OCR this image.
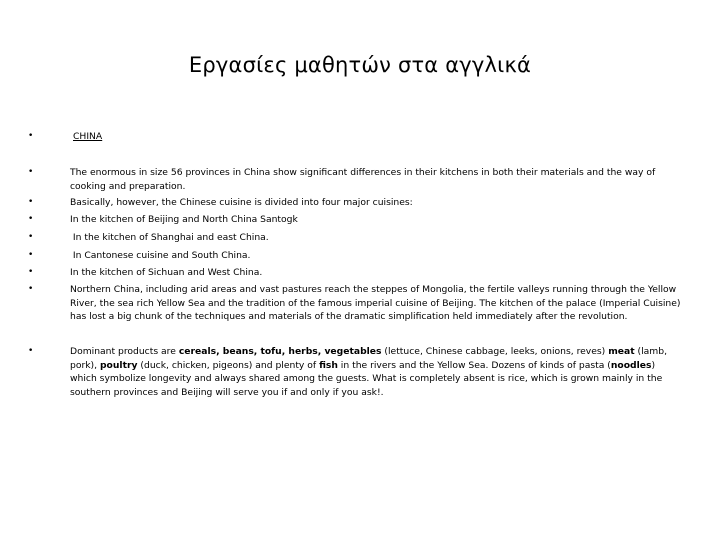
Εργασίες μαθητών στα αγγλικά
•	CHINA
•	The enormous in size 56 provinces in China show significant differences in their kitchens in both their materials and the way of cooking and preparation.
•	Basically, however, the Chinese cuisine is divided into four major cuisines:
•	In the kitchen of Beijing and North China Santogk
•	In the kitchen of Shanghai and east China.
•	In Cantonese cuisine and South China.
•	In the kitchen of Sichuan and West China.
•	Northern China, including arid areas and vast pastures reach the steppes of Mongolia, the fertile valleys running through the Yellow River, the sea rich Yellow Sea and the tradition of the famous imperial cuisine of Beijing. The kitchen of the palace (Imperial Cuisine) has lost a big chunk of the techniques and materials of the dramatic simplification held immediately after the revolution.
•	Dominant products are cereals, beans, tofu, herbs, vegetables (lettuce, Chinese cabbage, leeks, onions, reves) meat (lamb, pork), poultry (duck, chicken, pigeons) and plenty of fish in the rivers and the Yellow Sea. Dozens of kinds of pasta (noodles) which symbolize longevity and always shared among the guests. What is completely absent is rice, which is grown mainly in the southern provinces and Beijing will serve you if and only if you ask!.
